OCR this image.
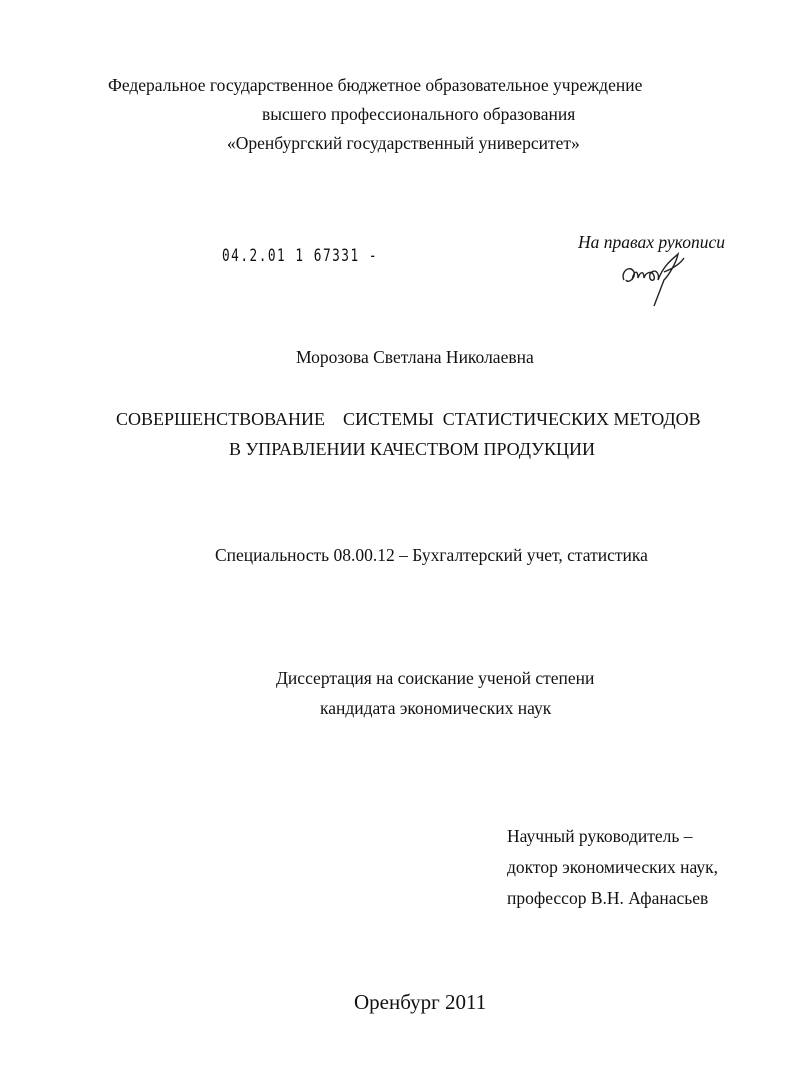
Федеральное государственное бюджетное образовательное учреждение
высшего профессионального образования
«Оренбургский государственный университет»
04.2.01 1 67331 -
На правах рукописи
Морозова Светлана Николаевна
СОВЕРШЕНСТВОВАНИЕ    СИСТЕМЫ  СТАТИСТИЧЕСКИХ МЕТОДОВ
В УПРАВЛЕНИИ КАЧЕСТВОМ ПРОДУКЦИИ
Специальность 08.00.12 – Бухгалтерский учет, статистика
Диссертация на соискание ученой степени
кандидата экономических наук
Научный руководитель –
доктор экономических наук,
профессор В.Н. Афанасьев
Оренбург 2011
